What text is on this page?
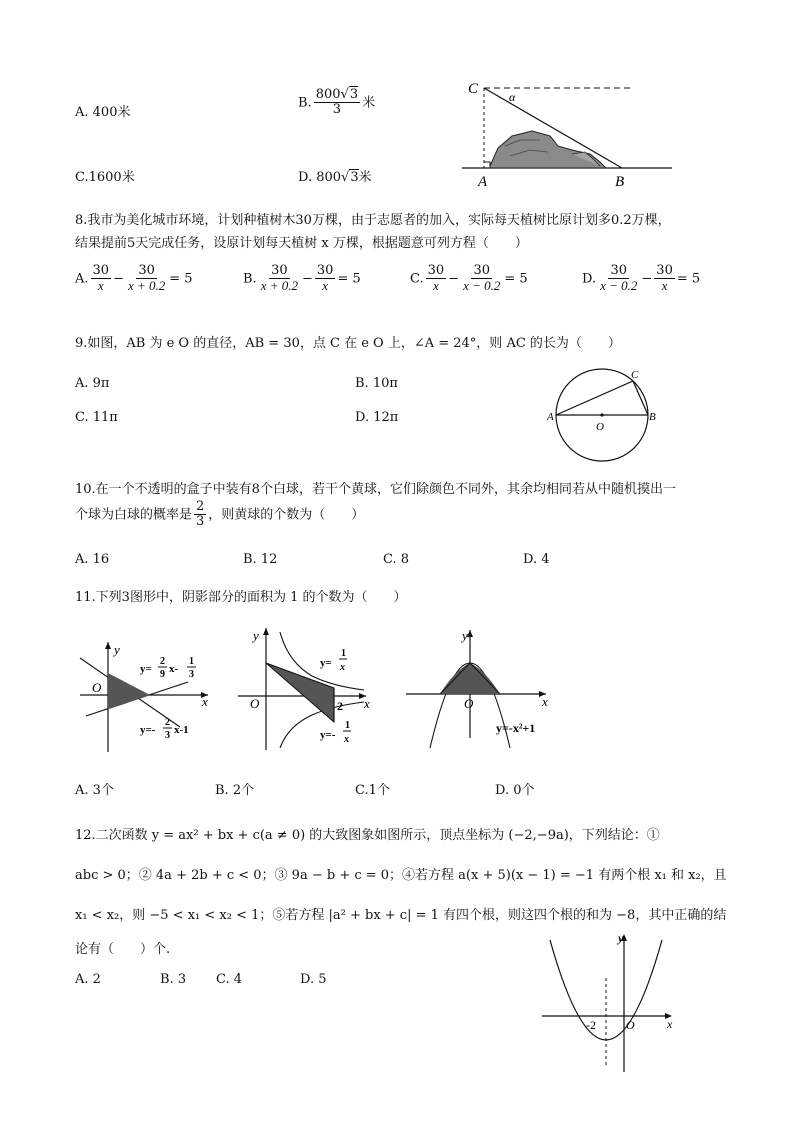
A. 400米
B. $\frac{800√3}{3}$ 米
C.1600米	D. 800√3米
C	α
A	B
8.我市为美化城市环境，计划种植树木30万棵，由于志愿者的加入，实际每天植树比原计划多0.2万棵，
结果提前5天完成任务，设原计划每天植树 x 万棵，根据题意可列方程（　　）
A. $\frac{30}{x} - \frac{30}{x + 0.2} = 5$	B. $\frac{30}{x + 0.2} - \frac{30}{x} = 5$	C. $\frac{30}{x} - \frac{30}{x - 0.2} = 5$	D. $\frac{30}{x - 0.2} - \frac{30}{x} = 5$
9.如图，AB 为 e O 的直径，AB = 30，点 C 在 e O 上，∠A = 24°，则 AC 的长为（　　）
A. 9π	B. 10π
C. 11π	D. 12π	A	B
C
O
10.在一个不透明的盒子中装有8个白球，若干个黄球，它们除颜色不同外，其余均相同若从中随机摸出一
个球为白球的概率是 $\frac{2}{3}$ ，则黄球的个数为（　　）
A. 16	B. 12	C. 8	D. 4
11.下列3图形中，阴影部分的面积为 1 的个数为（　　）
y
x
O
y=
2
9 x-
1
3
y=-
2
3 x-1
y
x
O	2
y=
1
x
y=-
1
x
y
x
O
y=-x²+1
A. 3个	B. 2个	C.1个	D. 0个
12.二次函数 y = ax² + bx + c(a ≠ 0) 的大致图象如图所示，顶点坐标为 (−2,−9a)，下列结论：①
abc > 0；② 4a + 2b + c < 0；③ 9a − b + c = 0；④若方程 a(x + 5)(x − 1) = −1 有两个根 x₁ 和 x₂，且
x₁ < x₂，则 −5 < x₁ < x₂ < 1；⑤若方程 |a² + bx + c| = 1 有四个根，则这四个根的和为 −8，其中正确的结
论有（　　）个.
A. 2	B. 3 C. 4	D. 5
y
x
O
-2
